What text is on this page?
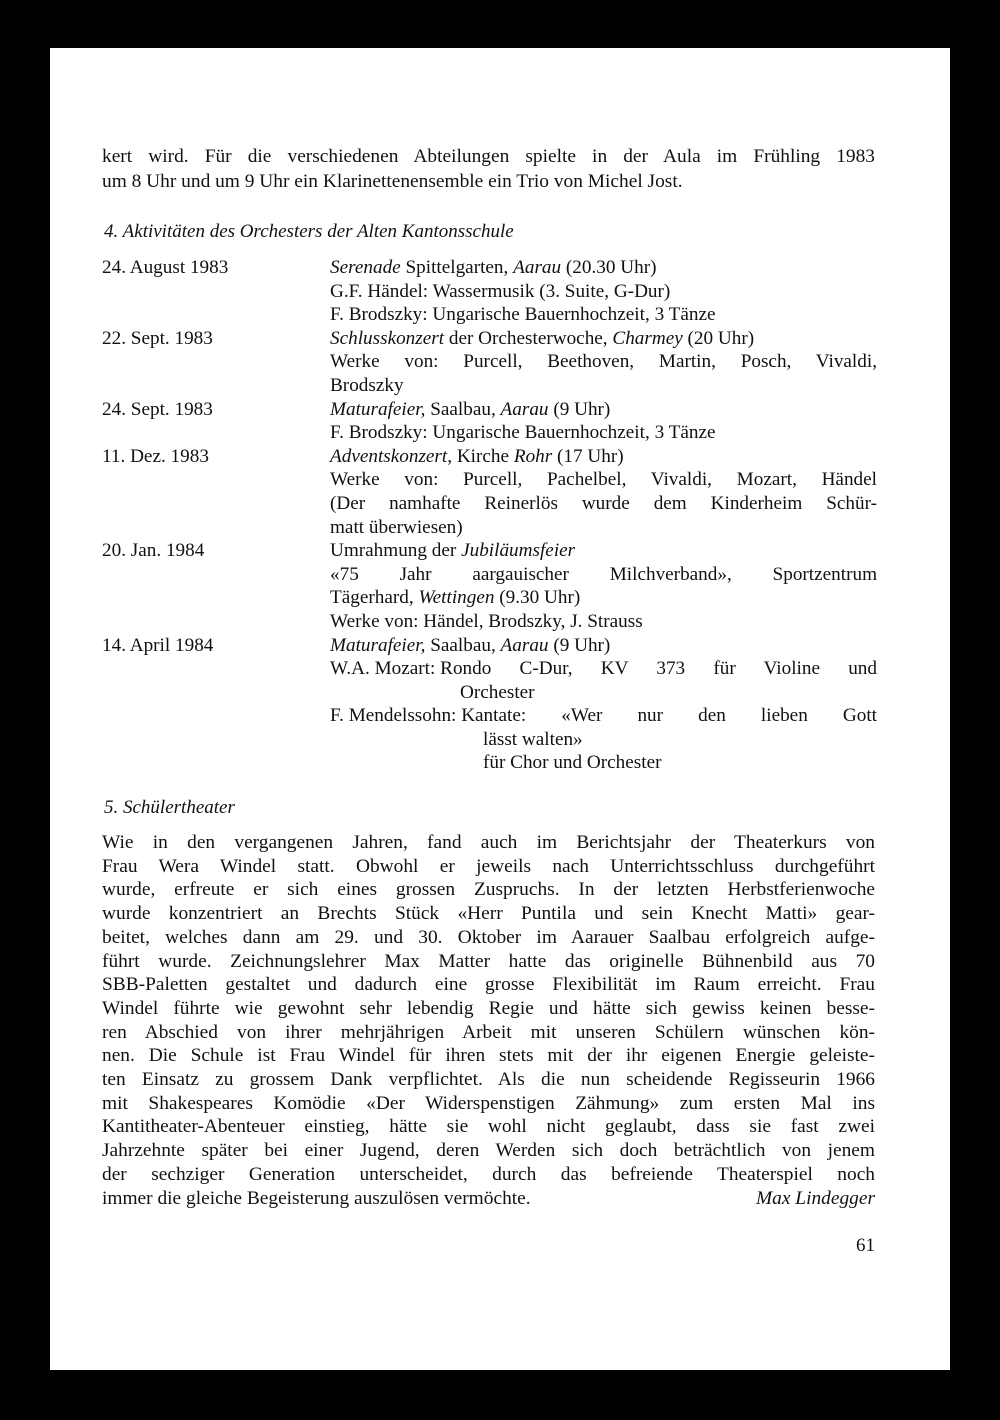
kert wird. Für die verschiedenen Abteilungen spielte in der Aula im Frühling 1983
um 8 Uhr und um 9 Uhr ein Klarinettenensemble ein Trio von Michel Jost.
4. Aktivitäten des Orchesters der Alten Kantonsschule
24. August 1983	Serenade Spittelgarten, Aarau (20.30 Uhr)
G.F. Händel: Wassermusik (3. Suite, G-Dur)
F. Brodszky: Ungarische Bauernhochzeit, 3 Tänze
22. Sept. 1983	Schlusskonzert der Orchesterwoche, Charmey (20 Uhr)
Werke von: Purcell, Beethoven, Martin, Posch, Vivaldi,
Brodszky
24. Sept. 1983	Maturafeier, Saalbau, Aarau (9 Uhr)
F. Brodszky: Ungarische Bauernhochzeit, 3 Tänze
11. Dez. 1983	Adventskonzert, Kirche Rohr (17 Uhr)
Werke von: Purcell, Pachelbel, Vivaldi, Mozart, Händel
(Der namhafte Reinerlös wurde dem Kinderheim Schür-
matt überwiesen)
20. Jan. 1984	Umrahmung der Jubiläumsfeier
«75 Jahr aargauischer Milchverband», Sportzentrum
Tägerhard, Wettingen (9.30 Uhr)
Werke von: Händel, Brodszky, J. Strauss
14. April 1984	Maturafeier, Saalbau, Aarau (9 Uhr)
W.A. Mozart: Rondo C-Dur, KV 373 für Violine und
Orchester
F. Mendelssohn: Kantate: «Wer nur den lieben Gott
lässt walten»
für Chor und Orchester
5. Schülertheater
Wie in den vergangenen Jahren, fand auch im Berichtsjahr der Theaterkurs von
Frau Wera Windel statt. Obwohl er jeweils nach Unterrichtsschluss durchgeführt
wurde, erfreute er sich eines grossen Zuspruchs. In der letzten Herbstferienwoche
wurde konzentriert an Brechts Stück «Herr Puntila und sein Knecht Matti» gear-
beitet, welches dann am 29. und 30. Oktober im Aarauer Saalbau erfolgreich aufge-
führt wurde. Zeichnungslehrer Max Matter hatte das originelle Bühnenbild aus 70
SBB-Paletten gestaltet und dadurch eine grosse Flexibilität im Raum erreicht. Frau
Windel führte wie gewohnt sehr lebendig Regie und hätte sich gewiss keinen besse-
ren Abschied von ihrer mehrjährigen Arbeit mit unseren Schülern wünschen kön-
nen. Die Schule ist Frau Windel für ihren stets mit der ihr eigenen Energie geleiste-
ten Einsatz zu grossem Dank verpflichtet. Als die nun scheidende Regisseurin 1966
mit Shakespeares Komödie «Der Widerspenstigen Zähmung» zum ersten Mal ins
Kantitheater-Abenteuer einstieg, hätte sie wohl nicht geglaubt, dass sie fast zwei
Jahrzehnte später bei einer Jugend, deren Werden sich doch beträchtlich von jenem
der sechziger Generation unterscheidet, durch das befreiende Theaterspiel noch
immer die gleiche Begeisterung auszulösen vermöchte.	Max Lindegger
61
